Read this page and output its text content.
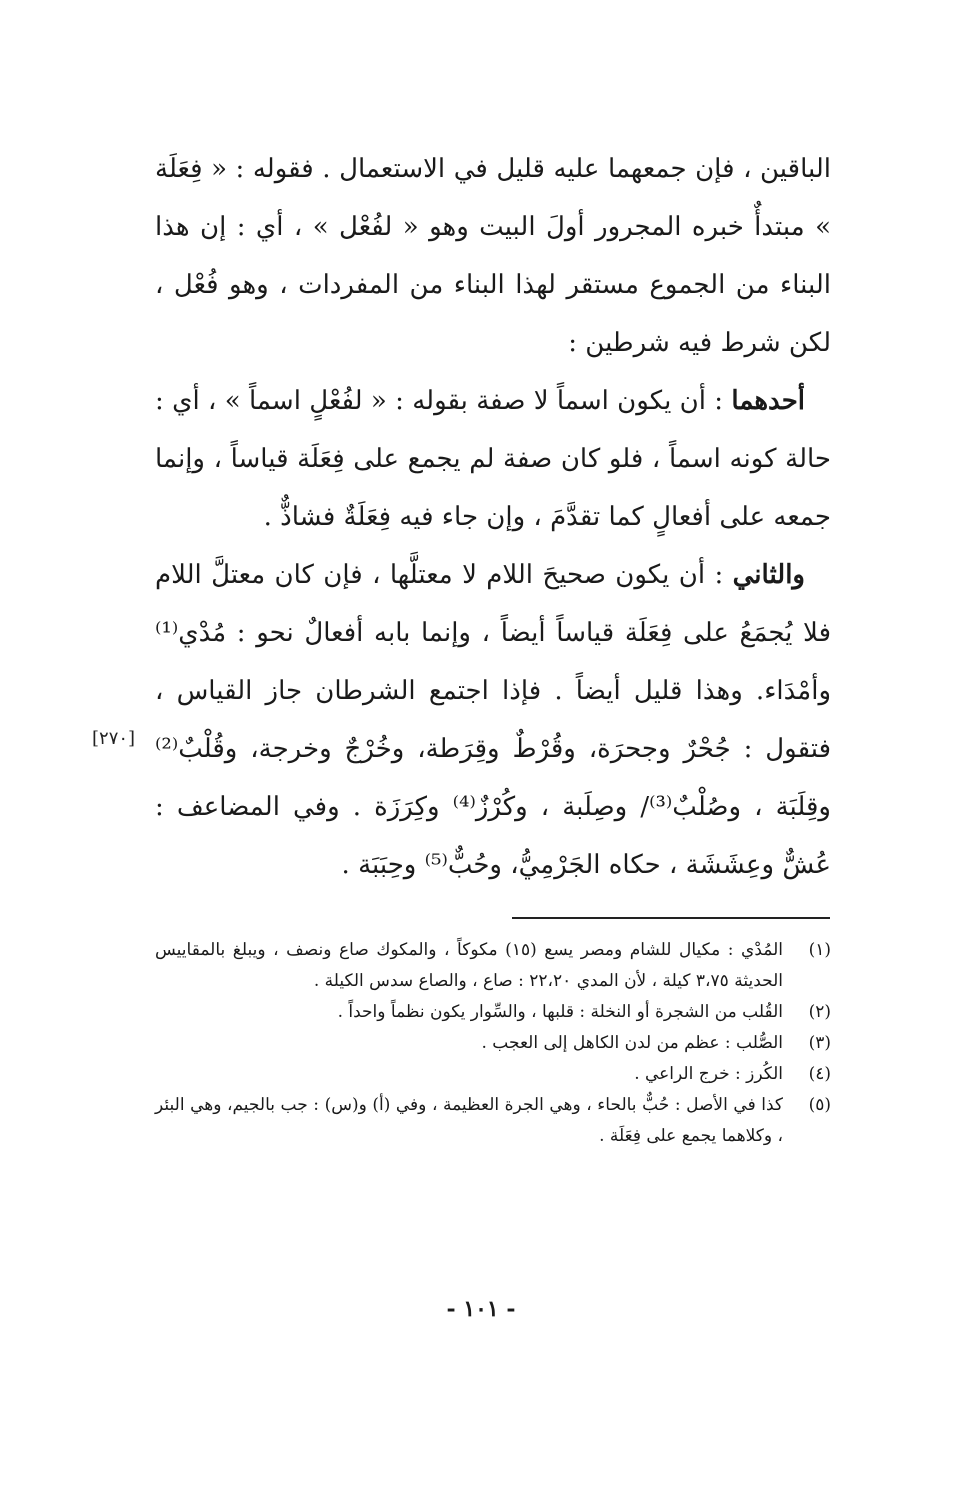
الباقين ، فإن جمعهما عليه قليل في الاستعمال . فقوله : « فِعَلَة » مبتدأٌ خبره المجرور أولَ البيت وهو « لفُعْل » ، أي : إن هذا البناء من الجموع مستقر لهذا البناء من المفردات ، وهو فُعْل ، لكن شرط فيه شرطين :

 أحدهما : أن يكون اسماً لا صفة بقوله : « لفُعْلٍ اسماً » ، أي : حالة كونه اسماً ، فلو كان صفة لم يجمع على فِعَلَة قياساً ، وإنما جمعه على أفعالٍ كما تقدَّمَ ، وإن جاء فيه فِعَلَةٌ فشاذٌّ .

 والثاني : أن يكون صحيحَ اللام لا معتلَّها ، فإن كان معتلَّ اللام فلا يُجمَعُ على فِعَلَة قياساً أيضاً ، وإنما بابه أفعالٌ نحو : مُدْي⁽¹⁾ وأمْدَاء. وهذا قليل أيضاً . فإذا اجتمع الشرطان جاز القياس ، فتقول : جُحْرٌ وجحرَة، وقُرْطٌ وقِرَطة، وخُرْجٌ وخرجة، وقُلْبٌ⁽²⁾ وقِلَبَة ، وصُلْبٌ⁽³⁾/ وصِلَبة ، وكُرْزٌ⁽⁴⁾ وكِرَزَة . وفي المضاعف : عُشٌّ وعِشَشَة ، حكاه الجَرْمِيُّ، وحُبٌّ⁽⁵⁾ وحِبَبَة .

[٢٧٠]
(١)
المُدْي : مكيال للشام ومصر يسع (١٥) مكوكاً ، والمكوك صاع ونصف ، ويبلغ بالمقاييس الحديثة ٣،٧٥ كيلة ، لأن المدي ٢٢،٢٠ : صاع ، والصاع سدس الكيلة .
(٢)
القُلب من الشجرة أو النخلة : قلبها ، والسِّوار يكون نظماً واحداً .
(٣)
الصُّلب : عظم من لدن الكاهل إلى العجب .
(٤)
الكُرز : خرج الراعي .
(٥)
كذا في الأصل : حُبٌّ بالحاء ، وهي الجرة العظيمة ، وفي (أ) و(س) : جب بالجيم، وهي البئر ، وكلاهما يجمع على فِعَلَة .
- ١٠١ -
